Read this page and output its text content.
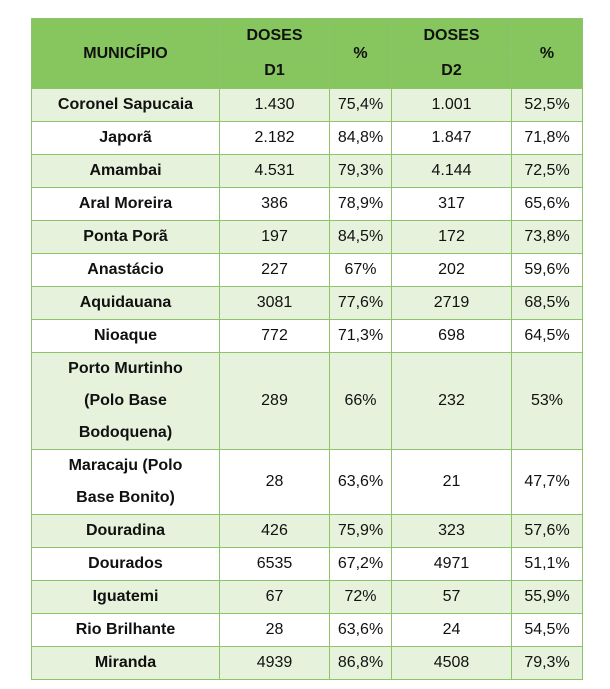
MUNICÍPIO	DOSES	%	DOSES	%
	D1		D2	

Coronel Sapucaia	1.430	75,4%	1.001	52,5%

Japorã	2.182	84,8%	1.847	71,8%

Amambai	4.531	79,3%	4.144	72,5%

Aral Moreira	386	78,9%	317	65,6%

Ponta Porã	197	84,5%	172	73,8%

Anastácio	227	67%	202	59,6%

Aquidauana	3081	77,6%	2719	68,5%

Nioaque	772	71,3%	698	64,5%

Porto Murtinho
(Polo Base
Bodoquena)	289	66%	232	53%

Maracaju (Polo
Base Bonito)	28	63,6%	21	47,7%

Douradina	426	75,9%	323	57,6%

Dourados	6535	67,2%	4971	51,1%

Iguatemi	67	72%	57	55,9%

Rio Brilhante	28	63,6%	24	54,5%

Miranda	4939	86,8%	4508	79,3%
